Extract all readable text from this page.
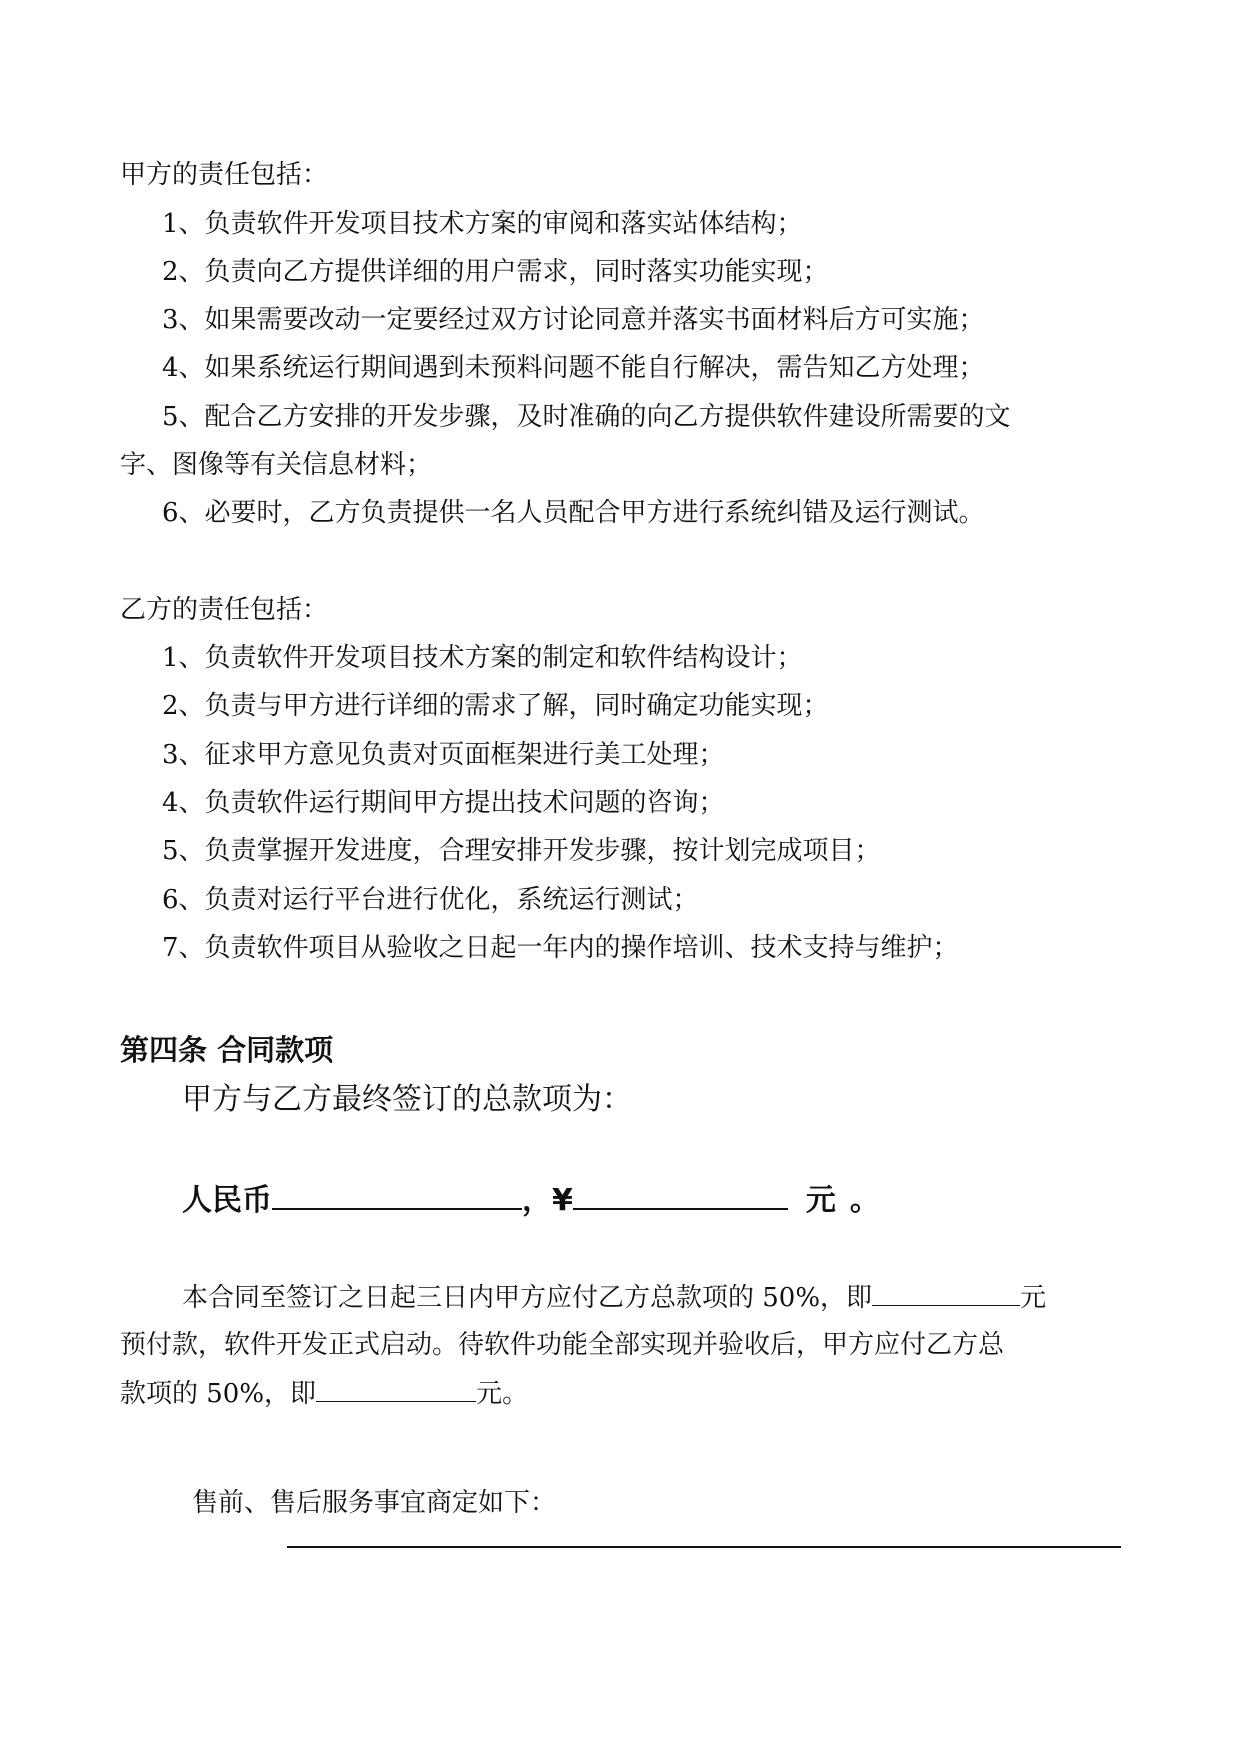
甲方的责任包括：
1、负责软件开发项目技术方案的审阅和落实站体结构；
2、负责向乙方提供详细的用户需求，同时落实功能实现；
3、如果需要改动一定要经过双方讨论同意并落实书面材料后方可实施；
4、如果系统运行期间遇到未预料问题不能自行解决，需告知乙方处理；
5、配合乙方安排的开发步骤，及时准确的向乙方提供软件建设所需要的文
字、图像等有关信息材料；
6、必要时，乙方负责提供一名人员配合甲方进行系统纠错及运行测试。
乙方的责任包括：
1、负责软件开发项目技术方案的制定和软件结构设计；
2、负责与甲方进行详细的需求了解，同时确定功能实现；
3、征求甲方意见负责对页面框架进行美工处理；
4、负责软件运行期间甲方提出技术问题的咨询；
5、负责掌握开发进度，合理安排开发步骤，按计划完成项目；
6、负责对运行平台进行优化，系统运行测试；
7、负责软件项目从验收之日起一年内的操作培训、技术支持与维护；
第四条 合同款项
甲方与乙方最终签订的总款项为：
人民币	，¥	元 。
本合同至签订之日起三日内甲方应付乙方总款项的 50%，即	元
预付款，软件开发正式启动。待软件功能全部实现并验收后，甲方应付乙方总
款项的 50%，即	元。
售前、售后服务事宜商定如下：
